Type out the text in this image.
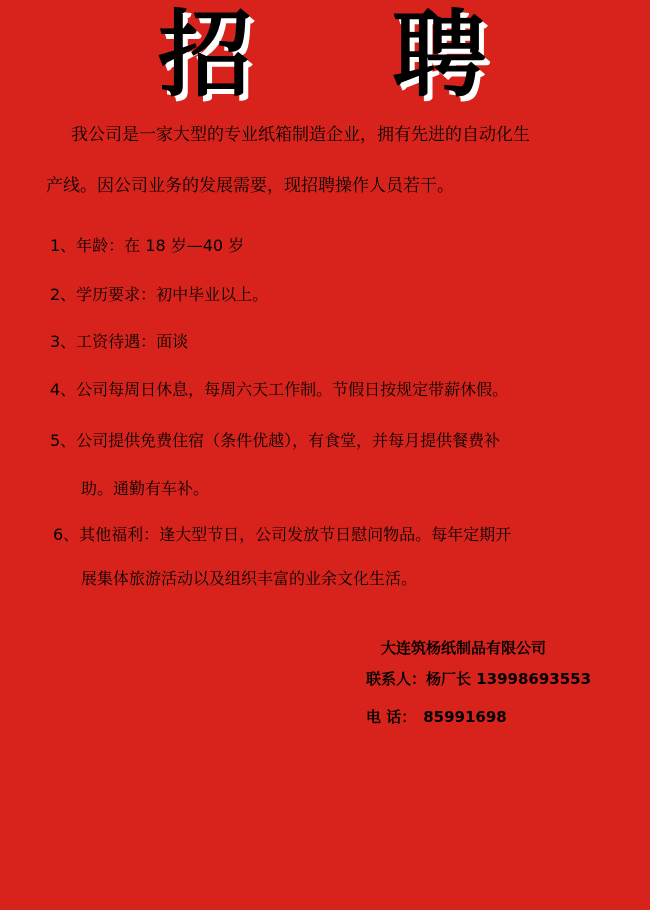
招 聘
我公司是一家大型的专业纸箱制造企业，拥有先进的自动化生
产线。因公司业务的发展需要，现招聘操作人员若干。
1、年龄：在 18 岁—40 岁
2、学历要求：初中毕业以上。
3、工资待遇：面谈
4、公司每周日休息，每周六天工作制。节假日按规定带薪休假。
5、公司提供免费住宿（条件优越），有食堂，并每月提供餐费补
助。通勤有车补。
6、其他福利：逢大型节日，公司发放节日慰问物品。每年定期开
展集体旅游活动以及组织丰富的业余文化生活。
大连筑杨纸制品有限公司
联系人：杨厂长 13998693553
电 话： 85991698
